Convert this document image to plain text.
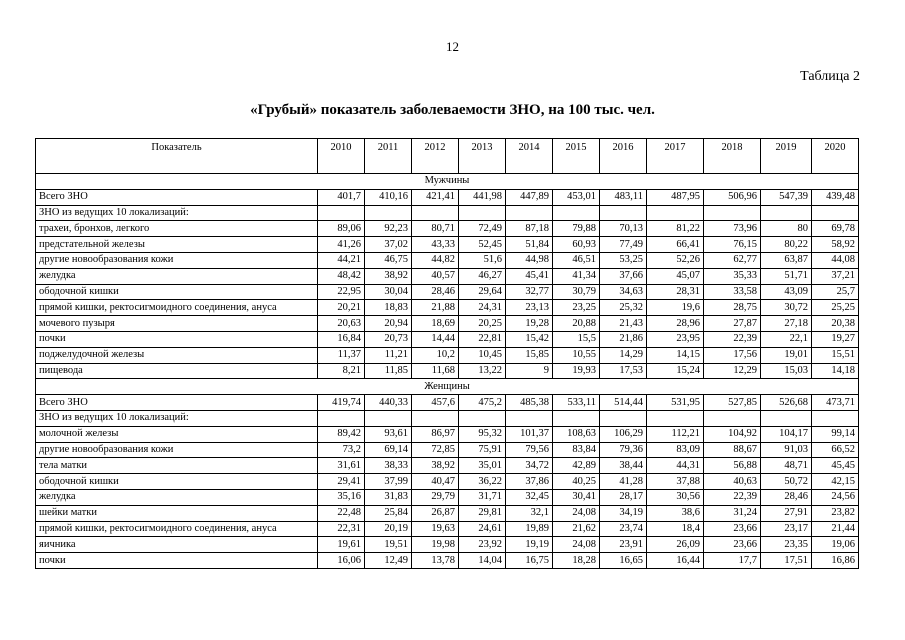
12
Таблица 2
«Грубый» показатель заболеваемости ЗНО, на 100 тыс. чел.
Показатель	2010	2011	2012	2013	2014	2015	2016	2017	2018	2019	2020
Мужчины											
Всего ЗНО	401,7	410,16	421,41	441,98	447,89	453,01	483,11	487,95	506,96	547,39	439,48
ЗНО из ведущих 10 локализаций:											
трахеи, бронхов, легкого	89,06	92,23	80,71	72,49	87,18	79,88	70,13	81,22	73,96	80	69,78
предстательной железы	41,26	37,02	43,33	52,45	51,84	60,93	77,49	66,41	76,15	80,22	58,92
другие новообразования кожи	44,21	46,75	44,82	51,6	44,98	46,51	53,25	52,26	62,77	63,87	44,08
желудка	48,42	38,92	40,57	46,27	45,41	41,34	37,66	45,07	35,33	51,71	37,21
ободочной кишки	22,95	30,04	28,46	29,64	32,77	30,79	34,63	28,31	33,58	43,09	25,7
прямой кишки, ректосигмоидного соединения, ануса	20,21	18,83	21,88	24,31	23,13	23,25	25,32	19,6	28,75	30,72	25,25
мочевого пузыря	20,63	20,94	18,69	20,25	19,28	20,88	21,43	28,96	27,87	27,18	20,38
почки	16,84	20,73	14,44	22,81	15,42	15,5	21,86	23,95	22,39	22,1	19,27
поджелудочной железы	11,37	11,21	10,2	10,45	15,85	10,55	14,29	14,15	17,56	19,01	15,51
пищевода	8,21	11,85	11,68	13,22	9	19,93	17,53	15,24	12,29	15,03	14,18
Женщины											
Всего ЗНО	419,74	440,33	457,6	475,2	485,38	533,11	514,44	531,95	527,85	526,68	473,71
ЗНО из ведущих 10 локализаций:											
молочной железы	89,42	93,61	86,97	95,32	101,37	108,63	106,29	112,21	104,92	104,17	99,14
другие новообразования кожи	73,2	69,14	72,85	75,91	79,56	83,84	79,36	83,09	88,67	91,03	66,52
тела матки	31,61	38,33	38,92	35,01	34,72	42,89	38,44	44,31	56,88	48,71	45,45
ободочной кишки	29,41	37,99	40,47	36,22	37,86	40,25	41,28	37,88	40,63	50,72	42,15
желудка	35,16	31,83	29,79	31,71	32,45	30,41	28,17	30,56	22,39	28,46	24,56
шейки матки	22,48	25,84	26,87	29,81	32,1	24,08	34,19	38,6	31,24	27,91	23,82
прямой кишки, ректосигмоидного соединения, ануса	22,31	20,19	19,63	24,61	19,89	21,62	23,74	18,4	23,66	23,17	21,44
яичника	19,61	19,51	19,98	23,92	19,19	24,08	23,91	26,09	23,66	23,35	19,06
почки	16,06	12,49	13,78	14,04	16,75	18,28	16,65	16,44	17,7	17,51	16,86
